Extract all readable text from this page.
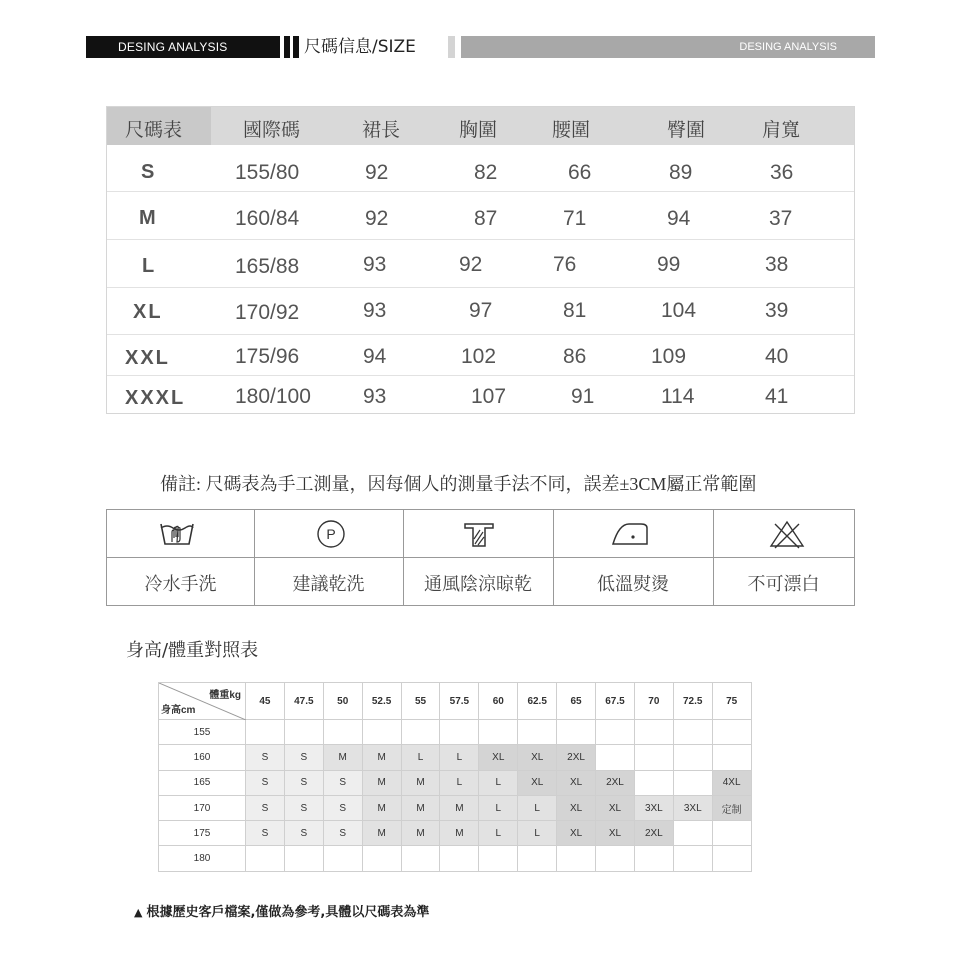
DESING ANALYSIS	尺碼信息/SIZE	DESING ANALYSIS
尺碼表	國際碼	裙長	胸圍	腰圍	臀圍	肩寬
S	155/80	92	82	66	89	36
M	160/84	92	87	71	94	37
L	165/88	93	92	76	99	38
XL	170/92	93	97	81	104	39
XXL	175/96	94	102	86	109	40
XXXL 180/100 93	107	91	114	41
備註: 尺碼表為手工測量，因每個人的測量手法不同，誤差±3CM屬正常範圍
P
冷水手洗	建議乾洗	通風陰涼晾乾	低溫熨燙	不可漂白
身高/體重對照表
體重kg
身高cm	45	47.5	50	52.5	55	57.5	60	62.5	65	67.5	70	72.5	75
155													
160	S	S	M	M	L	L	XL	XL	2XL				
165	S	S	S	M	M	L	L	XL	XL	2XL			4XL
170	S	S	S	M	M	M	L	L	XL	XL	3XL	3XL	定制
175	S	S	S	M	M	M	L	L	XL	XL	2XL		
180													
▲ 根據歷史客戶檔案,僅做為參考,具體以尺碼表為準
